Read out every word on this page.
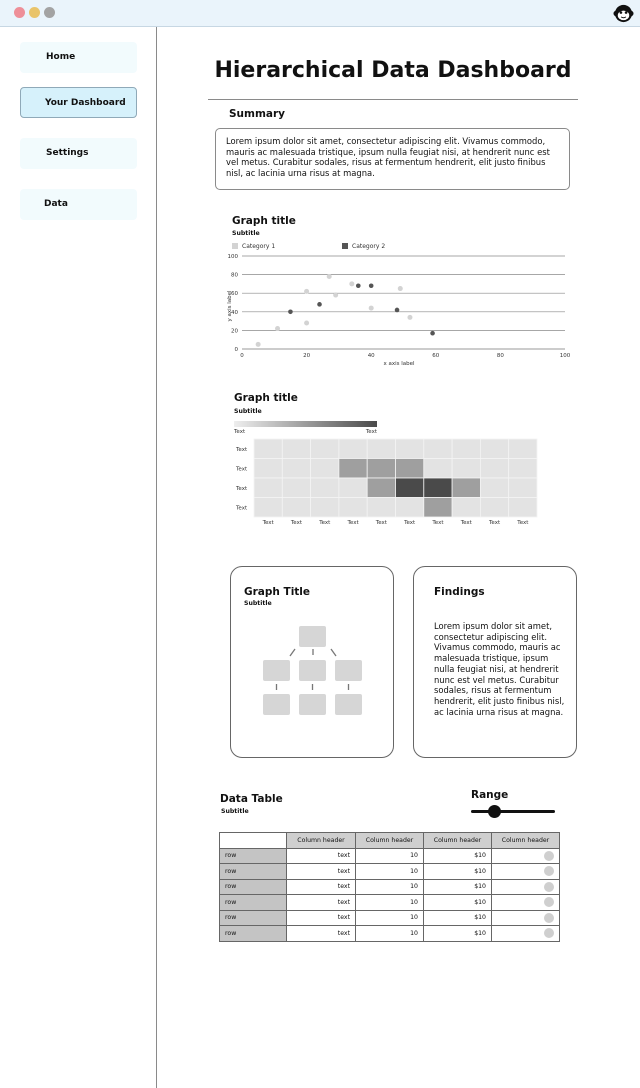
Home
Your Dashboard
Settings
Data
Hierarchical Data Dashboard
Summary
Lorem ipsum dolor sit amet, consectetur adipiscing elit. Vivamus commodo, mauris ac malesuada tristique, ipsum nulla feugiat nisi, at hendrerit nunc est vel metus. Curabitur sodales, risus at fermentum hendrerit, elit justo finibus nisl, ac lacinia urna risus at magna.
Graph title
Subtitle
Category 1	Category 2
0
20
40
60
80
100
0	20	40	60	80	100
x axis label
y axis label
Graph title
Subtitle
Text	Text
Text
Text
Text
Text
Text	Text	Text	Text	Text	Text	Text	Text	Text	Text
Graph Title
Subtitle
Findings
Lorem ipsum dolor sit amet, consectetur adipiscing elit. Vivamus commodo, mauris ac malesuada tristique, ipsum nulla feugiat nisi, at hendrerit nunc est vel metus. Curabitur sodales, risus at fermentum hendrerit, elit justo finibus nisl, ac lacinia urna risus at magna.
Data Table
Subtitle
Range
	Column header	Column header	Column header	Column header
row	text	10	$10	
row	text	10	$10	
row	text	10	$10	
row	text	10	$10	
row	text	10	$10	
row	text	10	$10	
